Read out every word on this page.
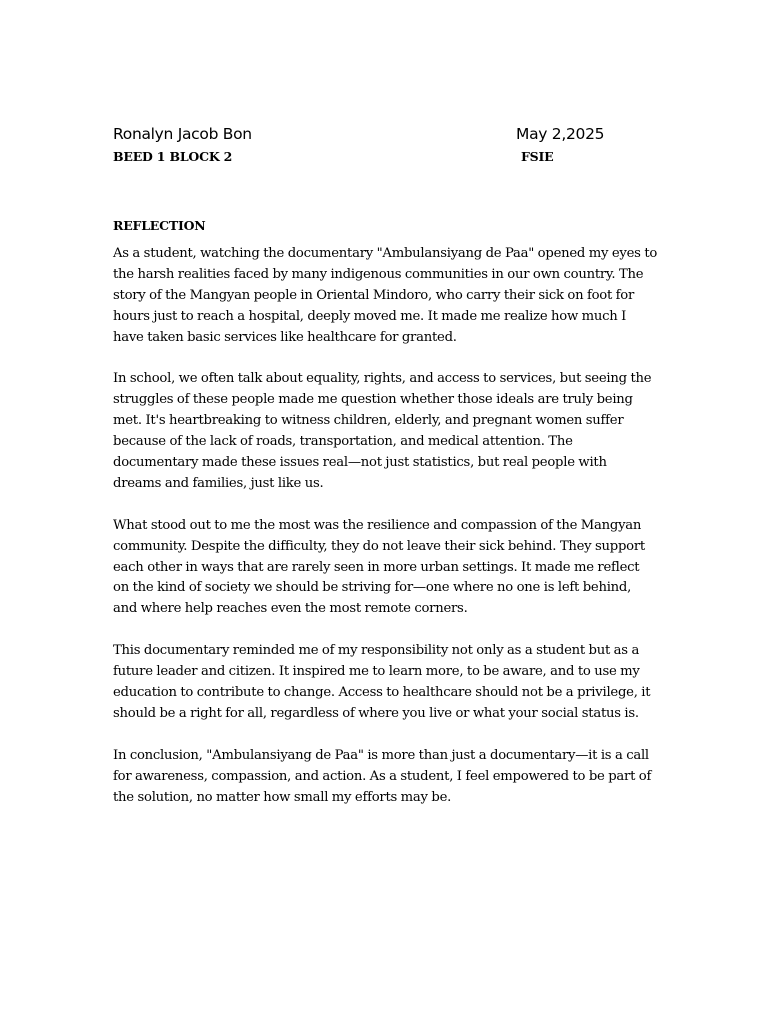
Ronalyn Jacob Bon	May 2,2025
BEED 1 BLOCK 2	FSIE
REFLECTION

As a student, watching the documentary "Ambulansiyang de Paa" opened my eyes to the harsh realities faced by many indigenous communities in our own country. The story of the Mangyan people in Oriental Mindoro, who carry their sick on foot for hours just to reach a hospital, deeply moved me. It made me realize how much I have taken basic services like healthcare for granted.

In school, we often talk about equality, rights, and access to services, but seeing the struggles of these people made me question whether those ideals are truly being met. It's heartbreaking to witness children, elderly, and pregnant women suffer because of the lack of roads, transportation, and medical attention. The documentary made these issues real—not just statistics, but real people with dreams and families, just like us.

What stood out to me the most was the resilience and compassion of the Mangyan community. Despite the difficulty, they do not leave their sick behind. They support each other in ways that are rarely seen in more urban settings. It made me reflect on the kind of society we should be striving for—one where no one is left behind, and where help reaches even the most remote corners.

This documentary reminded me of my responsibility not only as a student but as a future leader and citizen. It inspired me to learn more, to be aware, and to use my education to contribute to change. Access to healthcare should not be a privilege, it should be a right for all, regardless of where you live or what your social status is.

In conclusion, "Ambulansiyang de Paa" is more than just a documentary—it is a call for awareness, compassion, and action. As a student, I feel empowered to be part of the solution, no matter how small my efforts may be.
